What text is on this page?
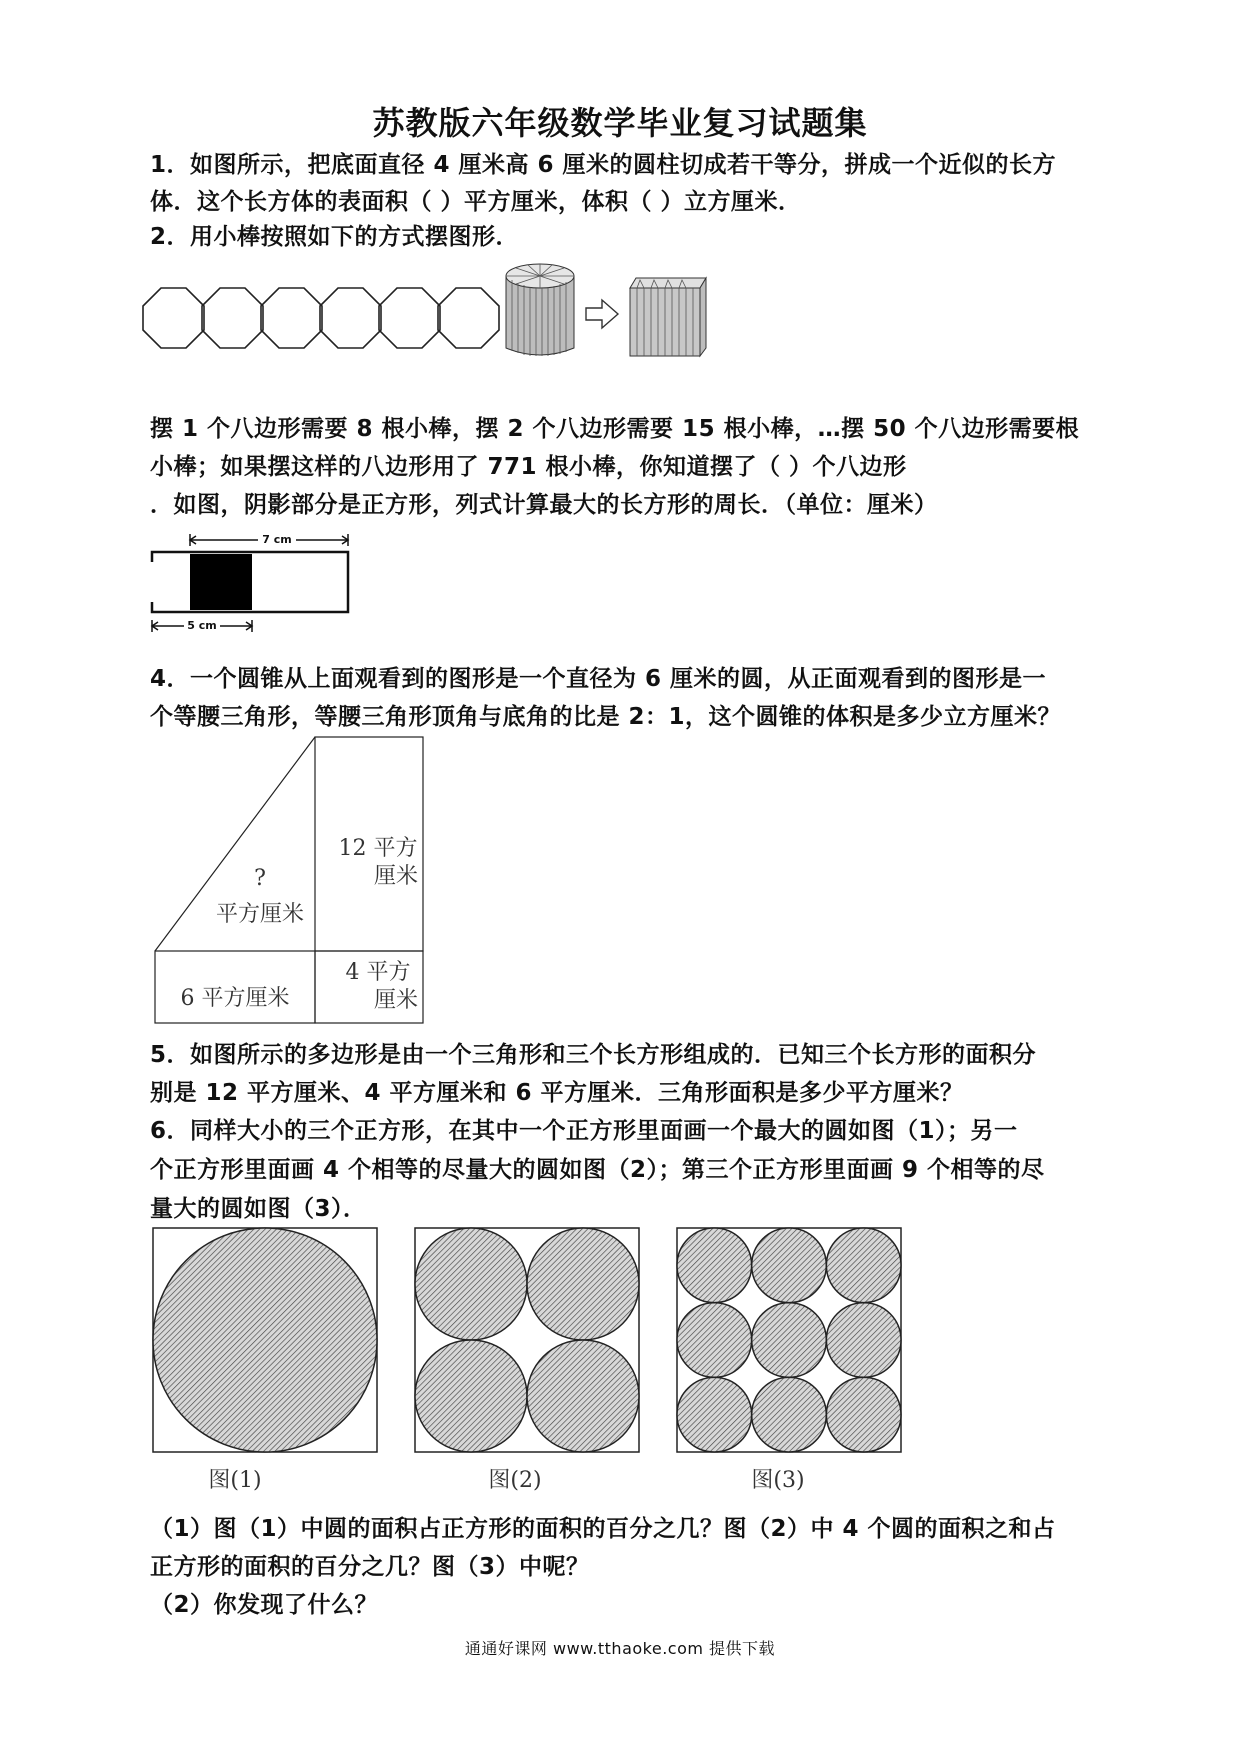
苏教版六年级数学毕业复习试题集
1．如图所示，把底面直径 4 厘米高 6 厘米的圆柱切成若干等分，拼成一个近似的长方
体．这个长方体的表面积（ ）平方厘米，体积（ ）立方厘米．
2．用小棒按照如下的方式摆图形．
摆 1 个八边形需要 8 根小棒，摆 2 个八边形需要 15 根小棒，…摆 50 个八边形需要根
小棒；如果摆这样的八边形用了 771 根小棒，你知道摆了（ ）个八边形
．如图，阴影部分是正方形，列式计算最大的长方形的周长．（单位：厘米）
7 cm
5 cm
4．一个圆锥从上面观看到的图形是一个直径为 6 厘米的圆，从正面观看到的图形是一
个等腰三角形，等腰三角形顶角与底角的比是 2：1，这个圆锥的体积是多少立方厘米？
?
平方厘米
12 平方
厘米
4 平方
厘米
6 平方厘米
5．如图所示的多边形是由一个三角形和三个长方形组成的．已知三个长方形的面积分
别是 12 平方厘米、4 平方厘米和 6 平方厘米．三角形面积是多少平方厘米？
6．同样大小的三个正方形，在其中一个正方形里面画一个最大的圆如图（1）；另一
个正方形里面画 4 个相等的尽量大的圆如图（2）；第三个正方形里面画 9 个相等的尽
量大的圆如图（3）．
图(1)	图(2)	图(3)
（1）图（1）中圆的面积占正方形的面积的百分之几？图（2）中 4 个圆的面积之和占
正方形的面积的百分之几？图（3）中呢？
（2）你发现了什么？
通通好课网 www.tthaoke.com 提供下载
